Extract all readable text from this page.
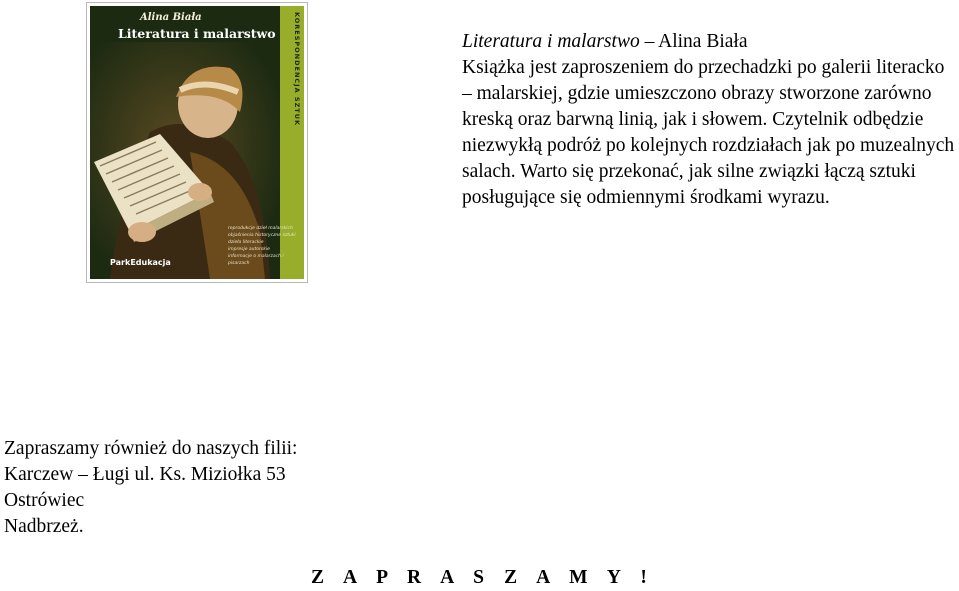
KORESPONDENCJA SZTUK
Alina Biała
Literatura i malarstwo
reprodukcje dzieł malarskich
objaśnienia historyczne sztuki
dzieła literackie
impresje autorskie
informacje o malarzach i pisarzach
ParkEdukacja

Literatura i malarstwo – Alina Biała
Książka jest zaproszeniem do przechadzki po galerii literacko – malarskiej, gdzie umieszczono obrazy stworzone zarówno kreską oraz barwną linią, jak i słowem. Czytelnik odbędzie niezwykłą podróż po kolejnych rozdziałach jak po muzealnych salach. Warto się przekonać, jak silne związki łączą sztuki posługujące się odmiennymi środkami wyrazu.

Zapraszamy również do naszych filii:
Karczew – Ługi ul. Ks. Miziołka 53
Ostrówiec
Nadbrzeż.
Z A P R A S Z A M Y !
